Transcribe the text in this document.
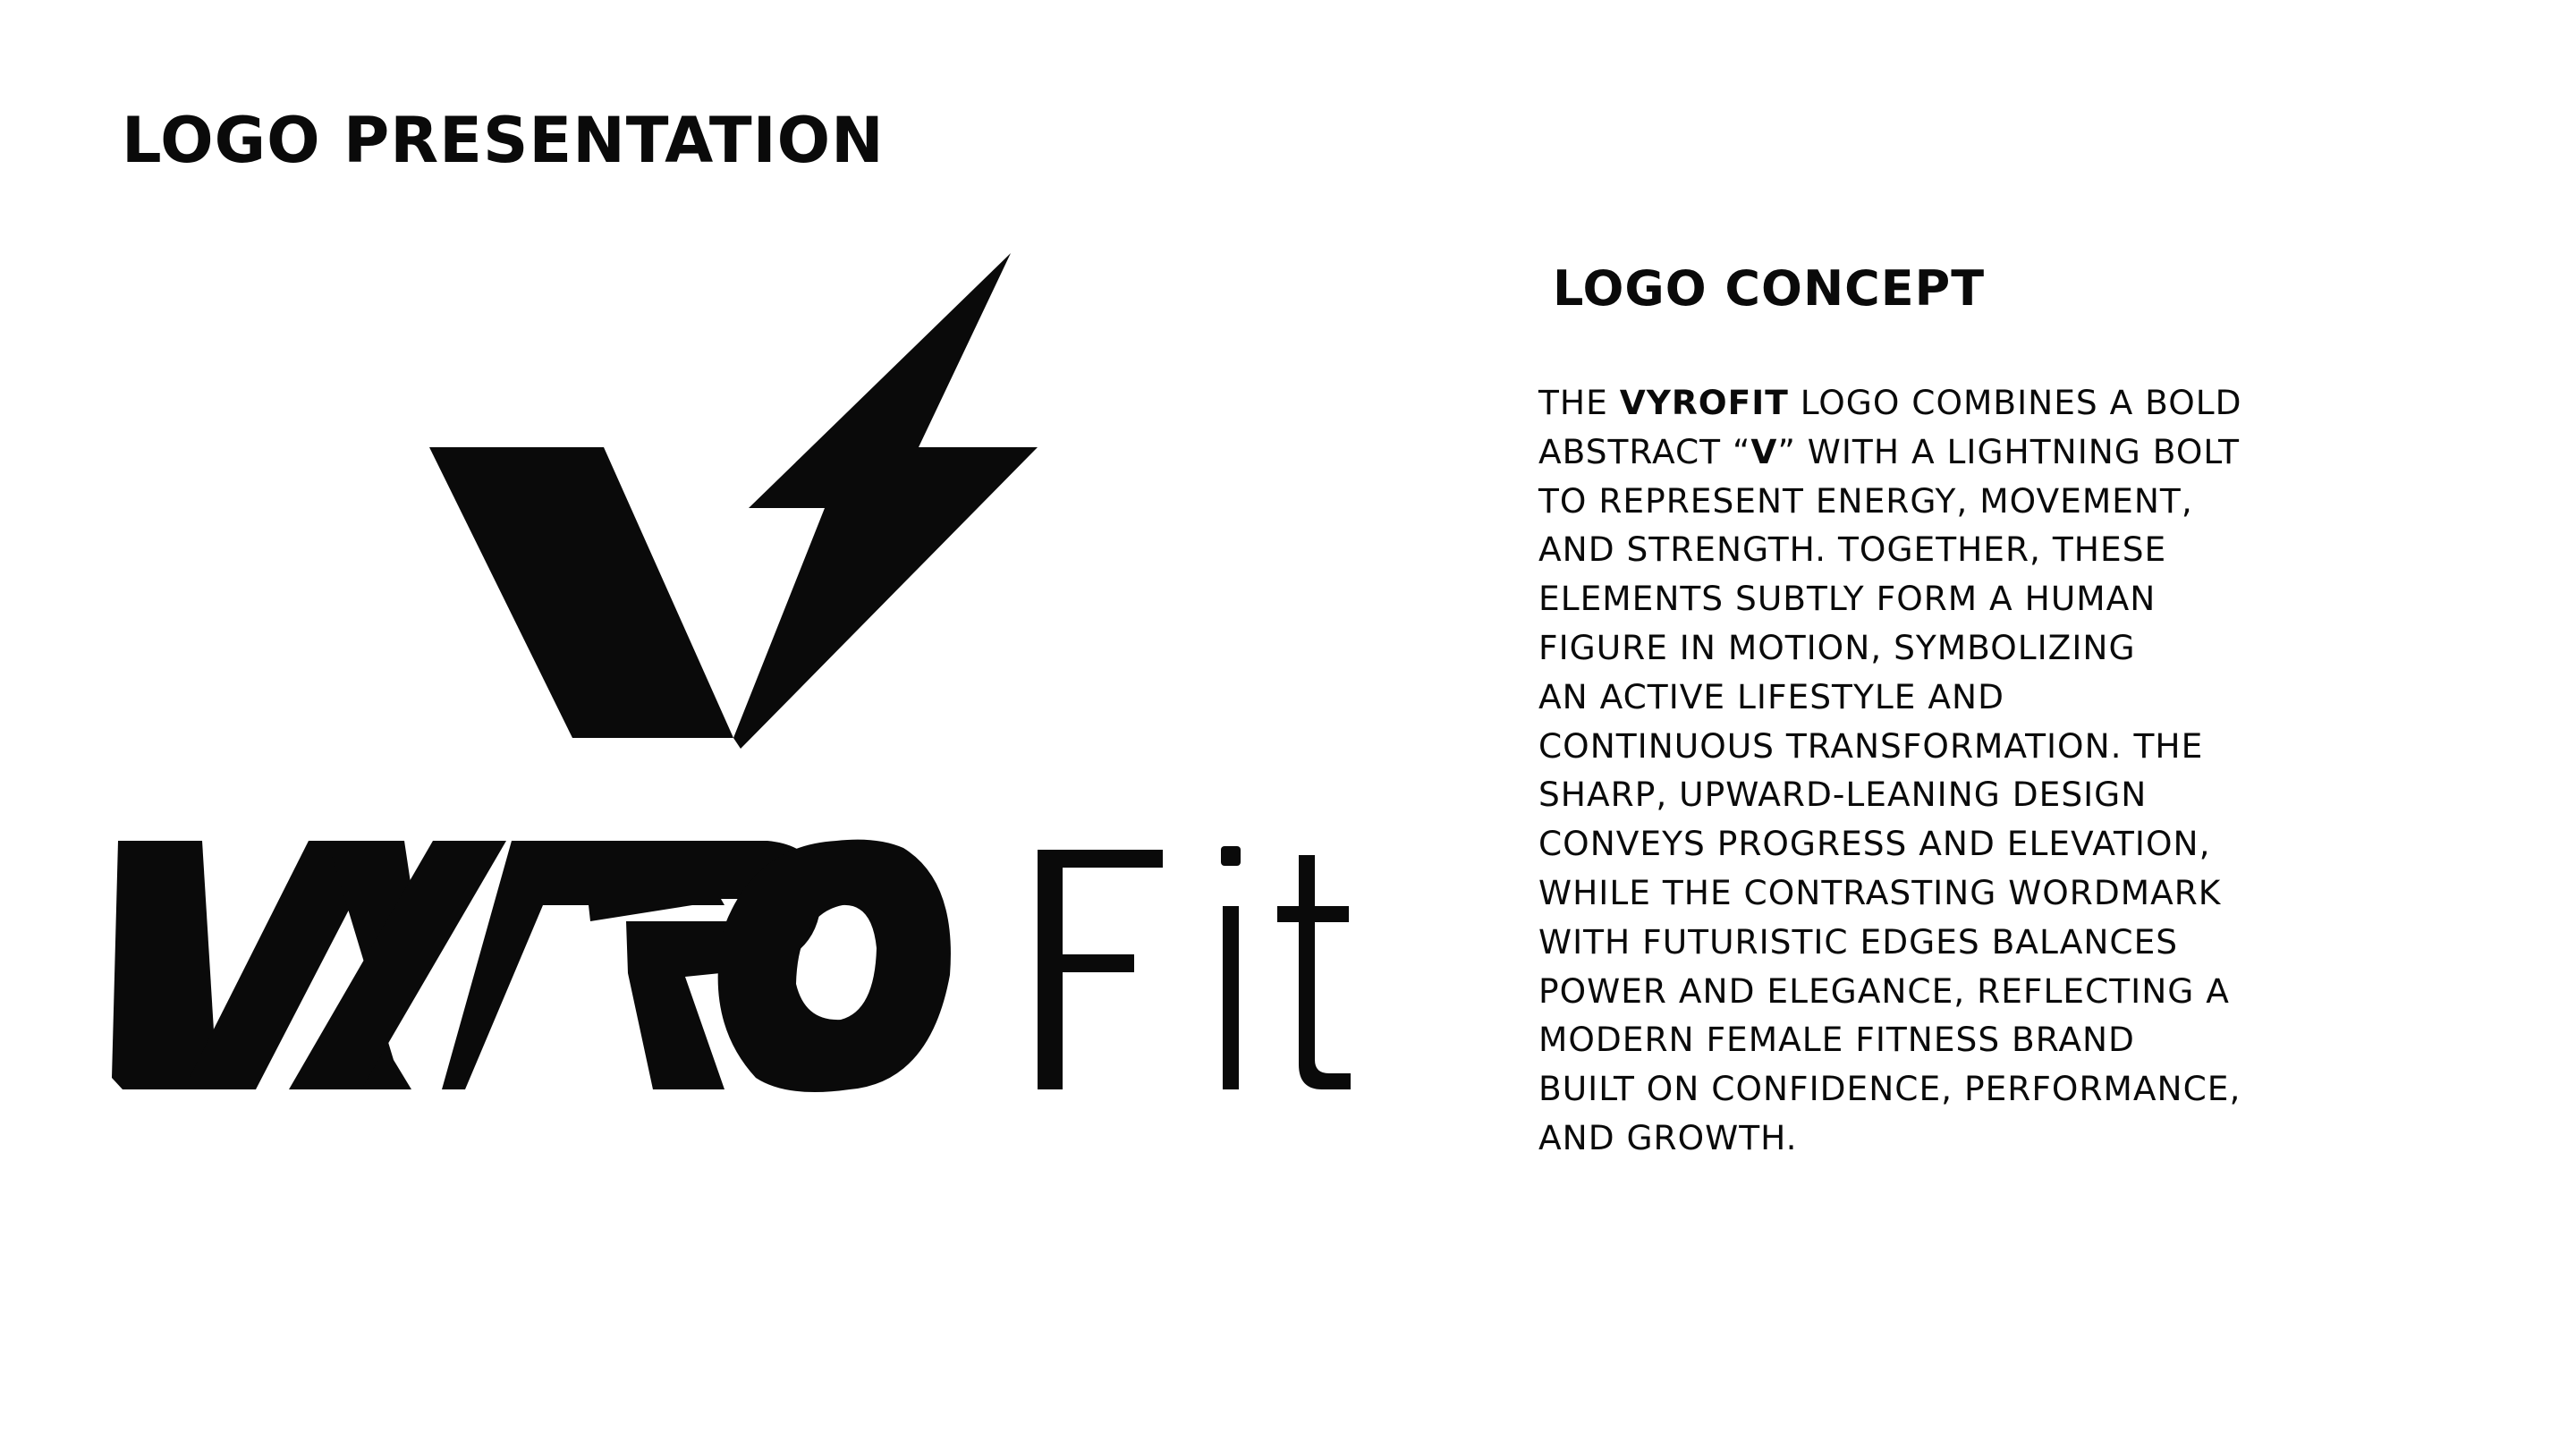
LOGO PRESENTATION
LOGO CONCEPT

THE VYROFIT LOGO COMBINES A BOLD
ABSTRACT “V” WITH A LIGHTNING BOLT
TO REPRESENT ENERGY, MOVEMENT,
AND STRENGTH. TOGETHER, THESE
ELEMENTS SUBTLY FORM A HUMAN
FIGURE IN MOTION, SYMBOLIZING
AN ACTIVE LIFESTYLE AND
CONTINUOUS TRANSFORMATION. THE
SHARP, UPWARD-LEANING DESIGN
CONVEYS PROGRESS AND ELEVATION,
WHILE THE CONTRASTING WORDMARK
WITH FUTURISTIC EDGES BALANCES
POWER AND ELEGANCE, REFLECTING A
MODERN FEMALE FITNESS BRAND
BUILT ON CONFIDENCE, PERFORMANCE,
AND GROWTH.
